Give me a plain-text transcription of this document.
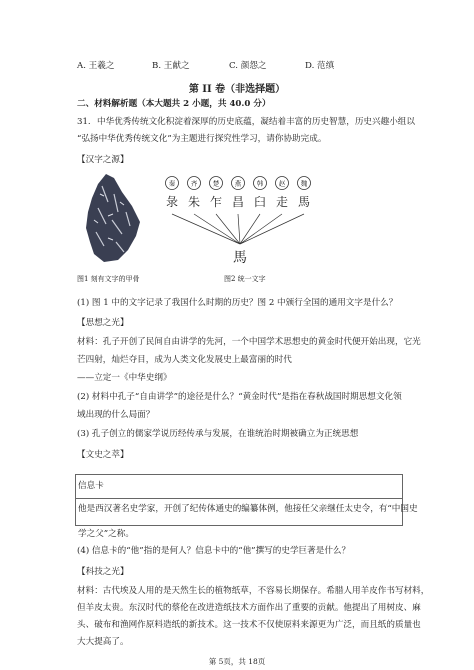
A. 王羲之	B. 王献之	C. 颜怨之	D. 范缜
第 II 卷（非选择题）
二、材料解析题（本大题共 2 小题，共 40.0 分）
31. 中华优秀传统文化积淀着深厚的历史底蕴，凝结着丰富的历史智慧，历史兴趣小组以
“弘扬中华优秀传统文化”为主题进行探究性学习，请你协助完成。
【汉字之源】
图1 刻有文字的甲骨
秦 齐 楚 燕 韩 赵 魏
彔 朱 乍 昌 臼 走 馬
馬
图2 统一文字
(1) 图 1 中的文字记录了我国什么时期的历史？图 2 中颁行全国的通用文字是什么？
【思想之光】
材料：孔子开创了民间自由讲学的先河，一个中国学术思想史的黄金时代便开始出现，它光
芒四射，灿烂夺目，成为人类文化发展史上最富丽的时代
——立定一《中华史纲》
(2) 材料中孔子“自由讲学”的途径是什么？“黄金时代”是指在春秋战国时期思想文化领
域出现的什么局面？
(3) 孔子创立的儒家学说历经传承与发展，在谁统治时期被确立为正统思想
【文史之萃】
信息卡
他是西汉著名史学家，开创了纪传体通史的编纂体例，他接任父亲继任太史令，有“中国史
学之父”之称。
(4) 信息卡的“他”指的是何人？信息卡中的“他”撰写的史学巨著是什么？
【科技之光】
材料：古代埃及人用的是天然生长的植物纸草，不容易长期保存。希腊人用羊皮作书写材料，
但羊皮太贵。东汉时代的蔡伦在改进造纸技术方面作出了重要的贡献。他提出了用树皮、麻
头、破布和渔网作原料造纸的新技术。这一技术不仅使原料来源更为广泛，而且纸的质量也
大大提高了。
第 5页，共 18页
